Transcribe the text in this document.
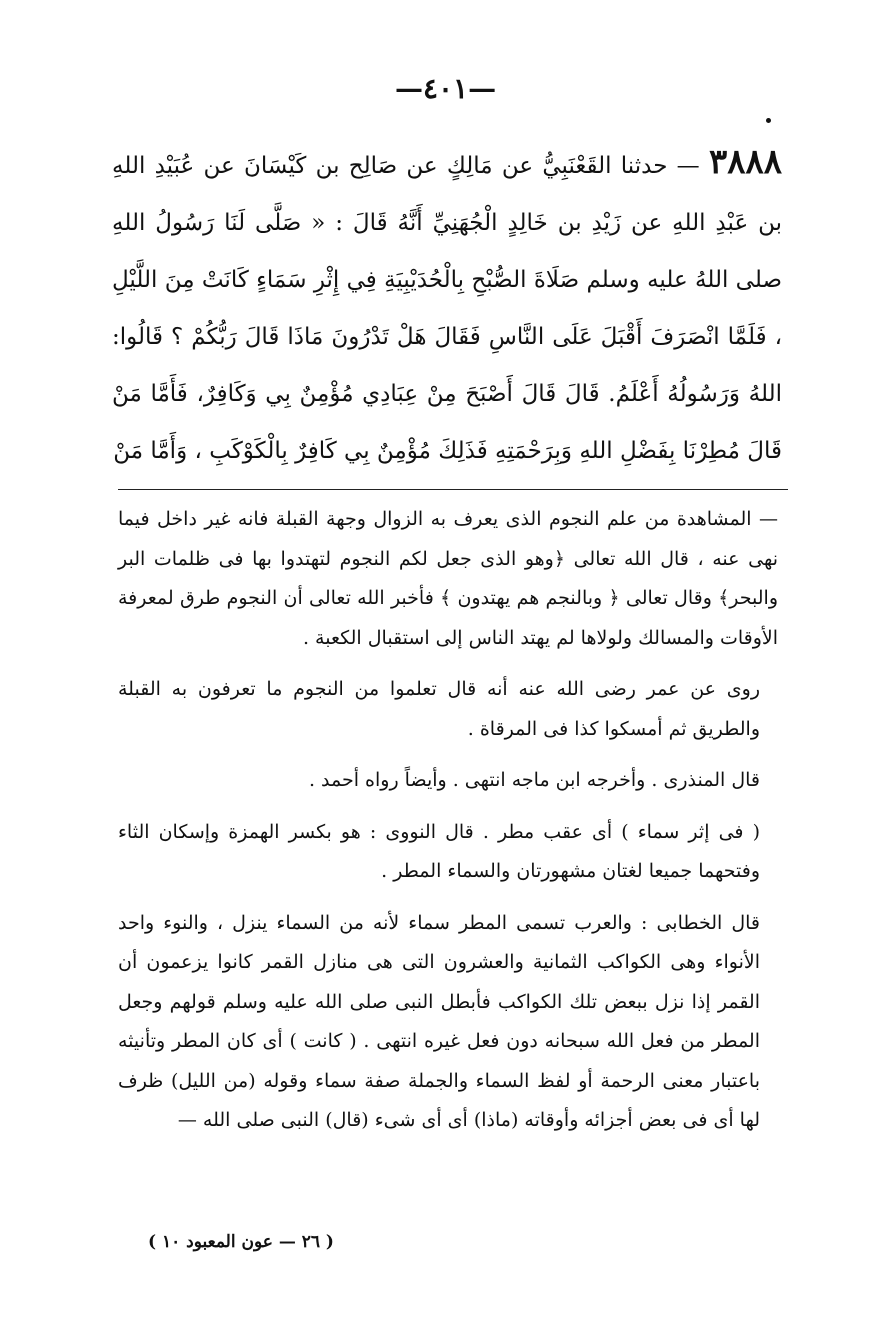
—٤٠١—
٣٨٨٨ — حدثنا القَعْنَبِيُّ عن مَالِكٍ عن صَالِح بن كَيْسَانَ عن عُبَيْدِ اللهِ بن عَبْدِ اللهِ عن زَيْدِ بن خَالِدٍ الْجُهَنِيِّ أَنَّهُ قَالَ : « صَلَّى لَنَا رَسُولُ اللهِ صلى اللهُ عليه وسلم صَلَاةَ الصُّبْحِ بِالْحُدَيْبِيَةِ فِي إِثْرِ سَمَاءٍ كَانَتْ مِنَ اللَّيْلِ ، فَلَمَّا انْصَرَفَ أَقْبَلَ عَلَى النَّاسِ فَقَالَ هَلْ تَدْرُونَ مَاذَا قَالَ رَبُّكُمْ ؟ قَالُوا: اللهُ وَرَسُولُهُ أَعْلَمُ. قَالَ قَالَ أَصْبَحَ مِنْ عِبَادِي مُؤْمِنٌ بِي وَكَافِرٌ، فَأَمَّا مَنْ قَالَ مُطِرْنَا بِفَضْلِ اللهِ وَبِرَحْمَتِهِ فَذَلِكَ مُؤْمِنٌ بِي كَافِرٌ بِالْكَوْكَبِ ، وَأَمَّا مَنْ

— المشاهدة من علم النجوم الذى يعرف به الزوال وجهة القبلة فانه غير داخل فيما نهى عنه ، قال الله تعالى ﴿وهو الذى جعل لكم النجوم لتهتدوا بها فى ظلمات البر والبحر﴾ وقال تعالى ﴿ وبالنجم هم يهتدون ﴾ فأخبر الله تعالى أن النجوم طرق لمعرفة الأوقات والمسالك ولولاها لم يهتد الناس إلى استقبال الكعبة .

روى عن عمر رضى الله عنه أنه قال تعلموا من النجوم ما تعرفون به القبلة والطريق ثم أمسكوا كذا فى المرقاة .

قال المنذرى . وأخرجه ابن ماجه انتهى . وأيضاً رواه أحمد .

( فى إثر سماء ) أى عقب مطر . قال النووى : هو بكسر الهمزة وإسكان الثاء وفتحهما جميعا لغتان مشهورتان والسماء المطر .

قال الخطابى : والعرب تسمى المطر سماء لأنه من السماء ينزل ، والنوء واحد الأنواء وهى الكواكب الثمانية والعشرون التى هى منازل القمر كانوا يزعمون أن القمر إذا نزل ببعض تلك الكواكب فأبطل النبى صلى الله عليه وسلم قولهم وجعل المطر من فعل الله سبحانه دون فعل غيره انتهى . ( كانت ) أى كان المطر وتأنيثه باعتبار معنى الرحمة أو لفظ السماء والجملة صفة سماء وقوله (من الليل) ظرف لها أى فى بعض أجزائه وأوقاته (ماذا) أى أى شىء (قال) النبى صلى الله —

( ٢٦ — عون المعبود ١٠ )
